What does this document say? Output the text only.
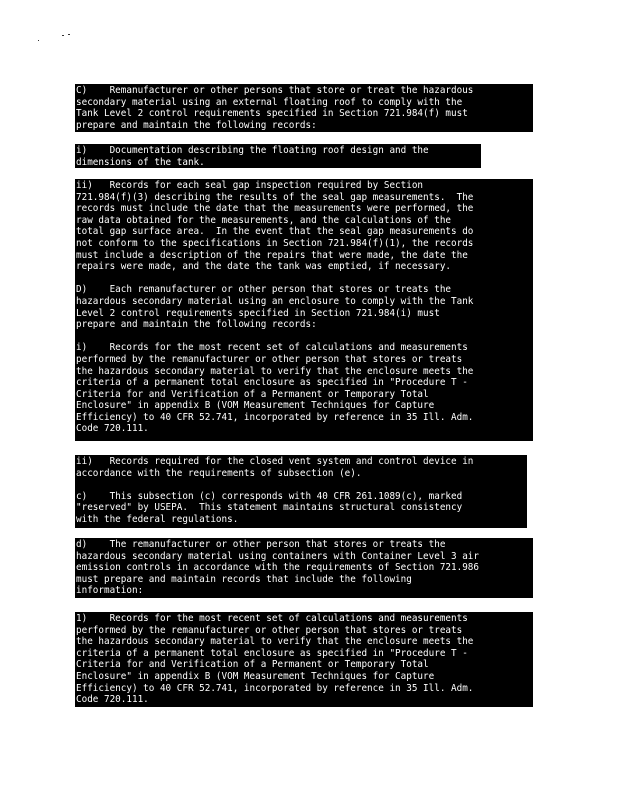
C)    Remanufacturer or other persons that store or treat the hazardous
secondary material using an external floating roof to comply with the
Tank Level 2 control requirements specified in Section 721.984(f) must
prepare and maintain the following records:
i)    Documentation describing the floating roof design and the
dimensions of the tank.
ii)   Records for each seal gap inspection required by Section
721.984(f)(3) describing the results of the seal gap measurements.  The
records must include the date that the measurements were performed, the
raw data obtained for the measurements, and the calculations of the
total gap surface area.  In the event that the seal gap measurements do
not conform to the specifications in Section 721.984(f)(1), the records
must include a description of the repairs that were made, the date the
repairs were made, and the date the tank was emptied, if necessary.

D)    Each remanufacturer or other person that stores or treats the
hazardous secondary material using an enclosure to comply with the Tank
Level 2 control requirements specified in Section 721.984(i) must
prepare and maintain the following records:

i)    Records for the most recent set of calculations and measurements
performed by the remanufacturer or other person that stores or treats
the hazardous secondary material to verify that the enclosure meets the
criteria of a permanent total enclosure as specified in "Procedure T -
Criteria for and Verification of a Permanent or Temporary Total
Enclosure" in appendix B (VOM Measurement Techniques for Capture
Efficiency) to 40 CFR 52.741, incorporated by reference in 35 Ill. Adm.
Code 720.111.
ii)   Records required for the closed vent system and control device in
accordance with the requirements of subsection (e).

c)    This subsection (c) corresponds with 40 CFR 261.1089(c), marked
"reserved" by USEPA.  This statement maintains structural consistency
with the federal regulations.
d)    The remanufacturer or other person that stores or treats the
hazardous secondary material using containers with Container Level 3 air
emission controls in accordance with the requirements of Section 721.986
must prepare and maintain records that include the following
information:
1)    Records for the most recent set of calculations and measurements
performed by the remanufacturer or other person that stores or treats
the hazardous secondary material to verify that the enclosure meets the
criteria of a permanent total enclosure as specified in "Procedure T -
Criteria for and Verification of a Permanent or Temporary Total
Enclosure" in appendix B (VOM Measurement Techniques for Capture
Efficiency) to 40 CFR 52.741, incorporated by reference in 35 Ill. Adm.
Code 720.111.
